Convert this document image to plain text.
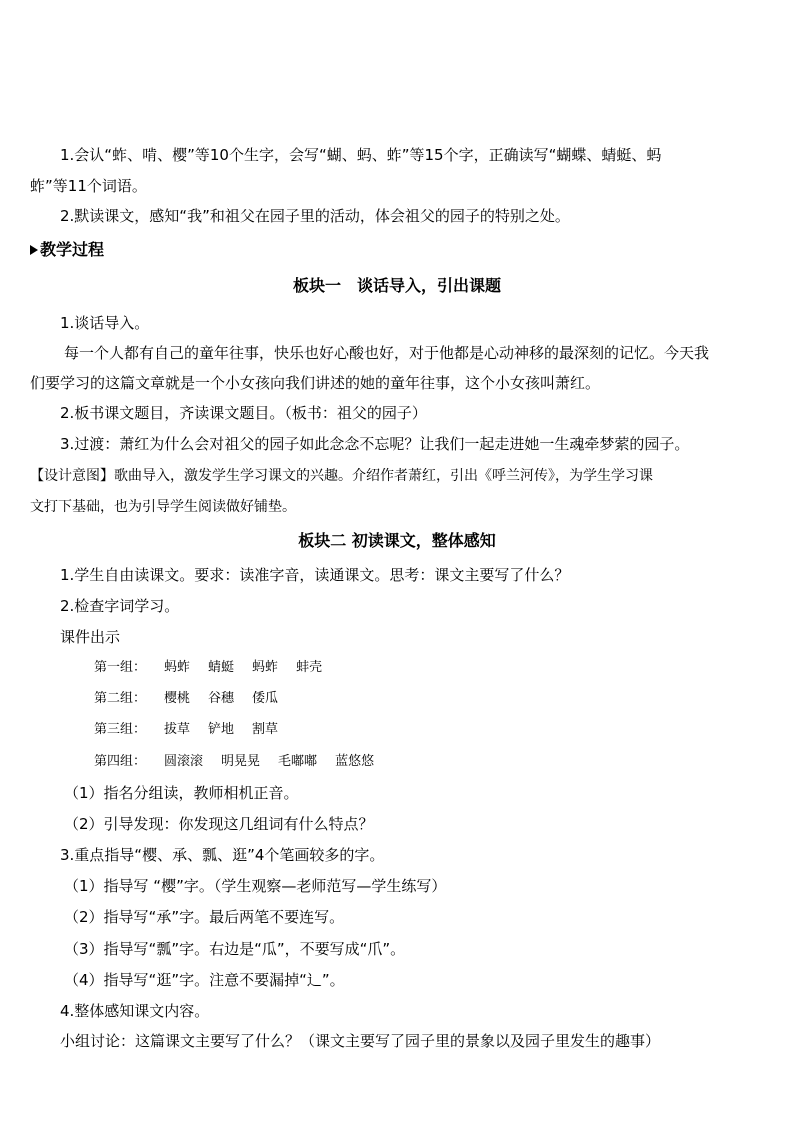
1.会认“蚱、啃、樱”等10个生字，会写“蝴、蚂、蚱”等15个字，正确读写“蝴蝶、蜻蜓、蚂
蚱”等11个词语。
2.默读课文，感知“我”和祖父在园子里的活动，体会祖父的园子的特别之处。
教学过程
板块一　谈话导入，引出课题
1.谈话导入。
每一个人都有自己的童年往事，快乐也好心酸也好，对于他都是心动神移的最深刻的记忆。今天我
们要学习的这篇文章就是一个小女孩向我们讲述的她的童年往事，这个小女孩叫萧红。
2.板书课文题目，齐读课文题目。（板书：祖父的园子）
3.过渡：萧红为什么会对祖父的园子如此念念不忘呢？让我们一起走进她一生魂牵梦萦的园子。
【设计意图】歌曲导入，激发学生学习课文的兴趣。介绍作者萧红，引出《呼兰河传》，为学生学习课
文打下基础，也为引导学生阅读做好铺垫。
板块二 初读课文，整体感知
1.学生自由读课文。要求：读准字音，读通课文。思考：课文主要写了什么？
2.检查字词学习。
课件出示
第一组： 蚂蚱 蜻蜓 蚂蚱 蚌壳
第二组： 樱桃 谷穗 倭瓜
第三组： 拔草 铲地 割草
第四组： 圆滚滚 明晃晃 毛嘟嘟 蓝悠悠
（1）指名分组读，教师相机正音。
（2）引导发现：你发现这几组词有什么特点？
3.重点指导“樱、承、瓢、逛”4个笔画较多的字。
（1）指导写 “樱”字。（学生观察—老师范写—学生练写）
（2）指导写“承”字。最后两笔不要连写。
（3）指导写“瓢”字。右边是“瓜”，不要写成“爪”。
（4）指导写“逛”字。注意不要漏掉“辶”。
4.整体感知课文内容。
小组讨论：这篇课文主要写了什么？（课文主要写了园子里的景象以及园子里发生的趣事）
